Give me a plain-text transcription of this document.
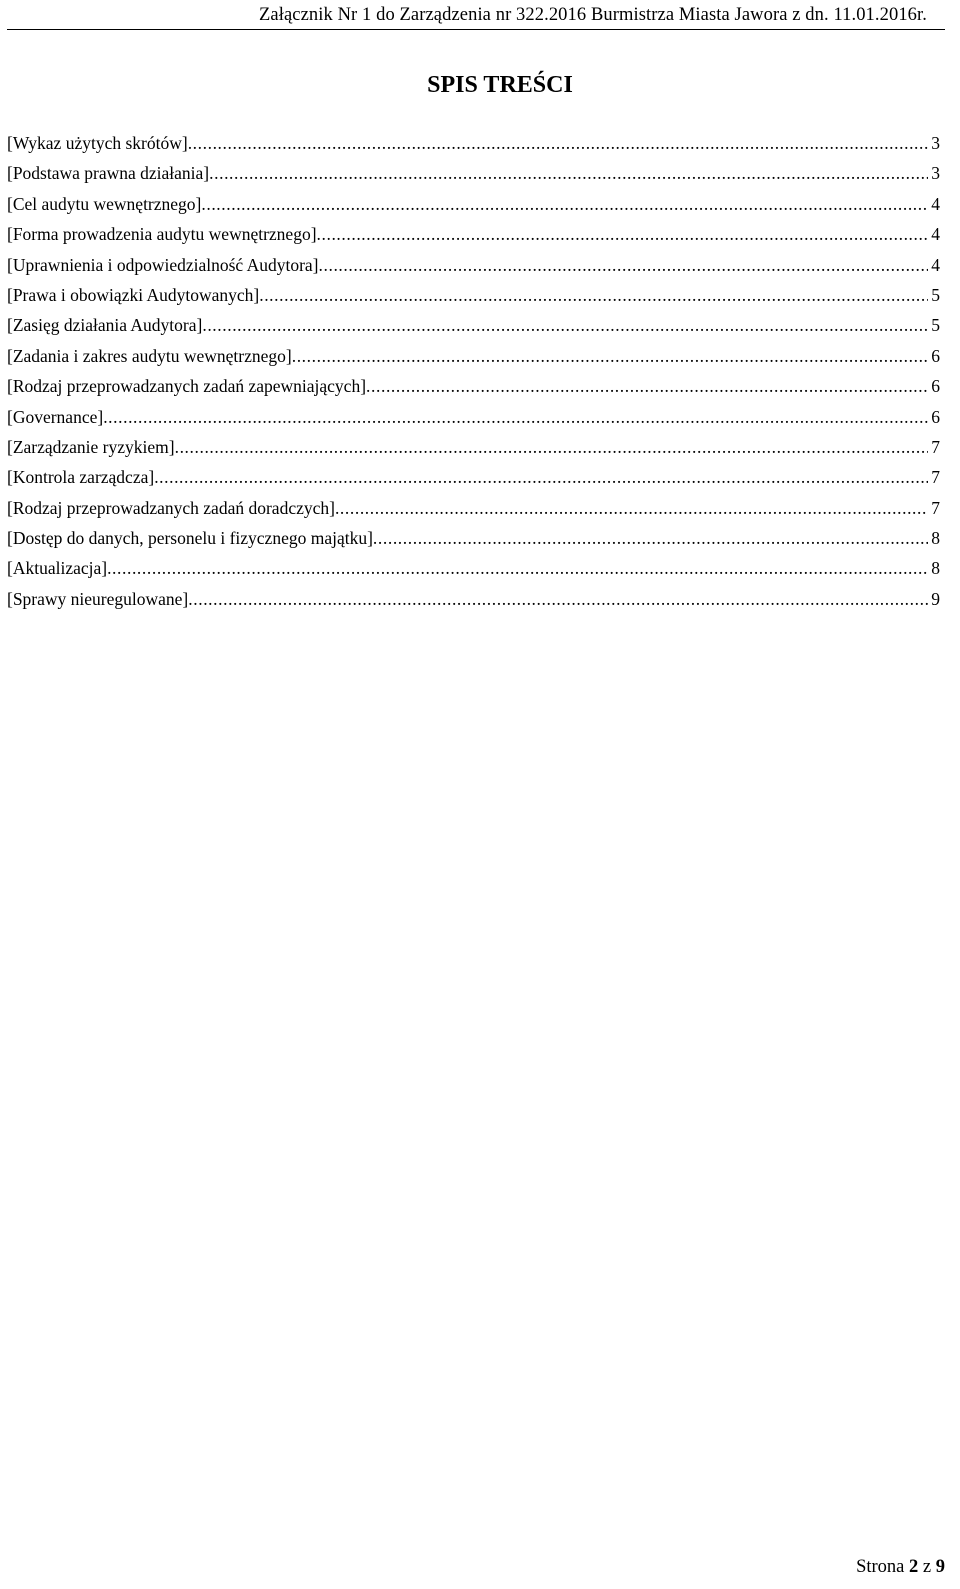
Załącznik Nr 1 do Zarządzenia nr 322.2016 Burmistrza Miasta Jawora z dn. 11.01.2016r.
SPIS TREŚCI
[Wykaz użytych skrótów] .....	3
[Podstawa prawna działania] .....	3
[Cel audytu wewnętrznego] .....	4
[Forma prowadzenia audytu wewnętrznego] .....	4
[Uprawnienia i odpowiedzialność Audytora] .....	4
[Prawa i obowiązki Audytowanych] .....	5
[Zasięg działania Audytora] .....	5
[Zadania i zakres audytu wewnętrznego] .....	6
[Rodzaj przeprowadzanych zadań zapewniających] .....	6
[Governance] .....	6
[Zarządzanie ryzykiem] .....	7
[Kontrola zarządcza] .....	7
[Rodzaj przeprowadzanych zadań doradczych] .....	7
[Dostęp do danych, personelu i fizycznego majątku] .....	8
[Aktualizacja] .....	8
[Sprawy nieuregulowane] .....	9
Strona 2 z 9
